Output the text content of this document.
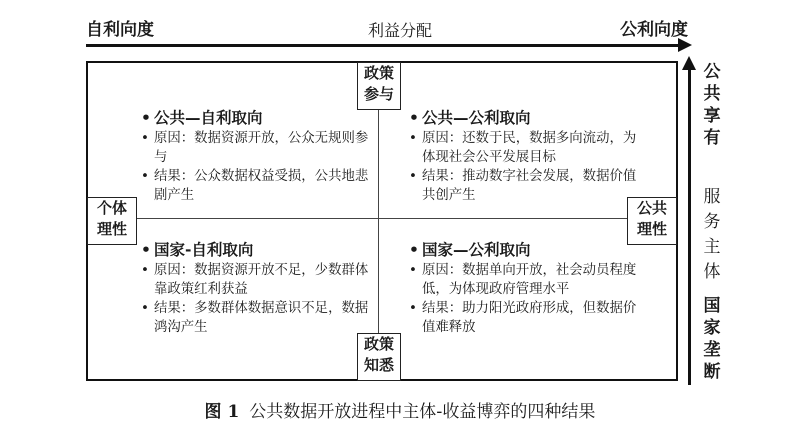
自利向度	利益分配	公利向度
公
共
享
有
服
务
主
体
国
家
垄
断
政策
参与
政策
知悉
个体
理性
公共
理性
• 公共—自利取向
• 原因：数据资源开放，公众无规则参与
• 结果：公众数据权益受损，公共地悲剧产生
• 公共—公利取向
• 原因：还数于民，数据多向流动，为体现社会公平发展目标
• 结果：推动数字社会发展，数据价值共创产生
• 国家-自利取向
• 原因：数据资源开放不足，少数群体靠政策红利获益
• 结果：多数群体数据意识不足，数据鸿沟产生
• 国家—公利取向
• 原因：数据单向开放，社会动员程度低，为体现政府管理水平
• 结果：助力阳光政府形成，但数据价值难释放
图 1 公共数据开放进程中主体-收益博弈的四种结果
